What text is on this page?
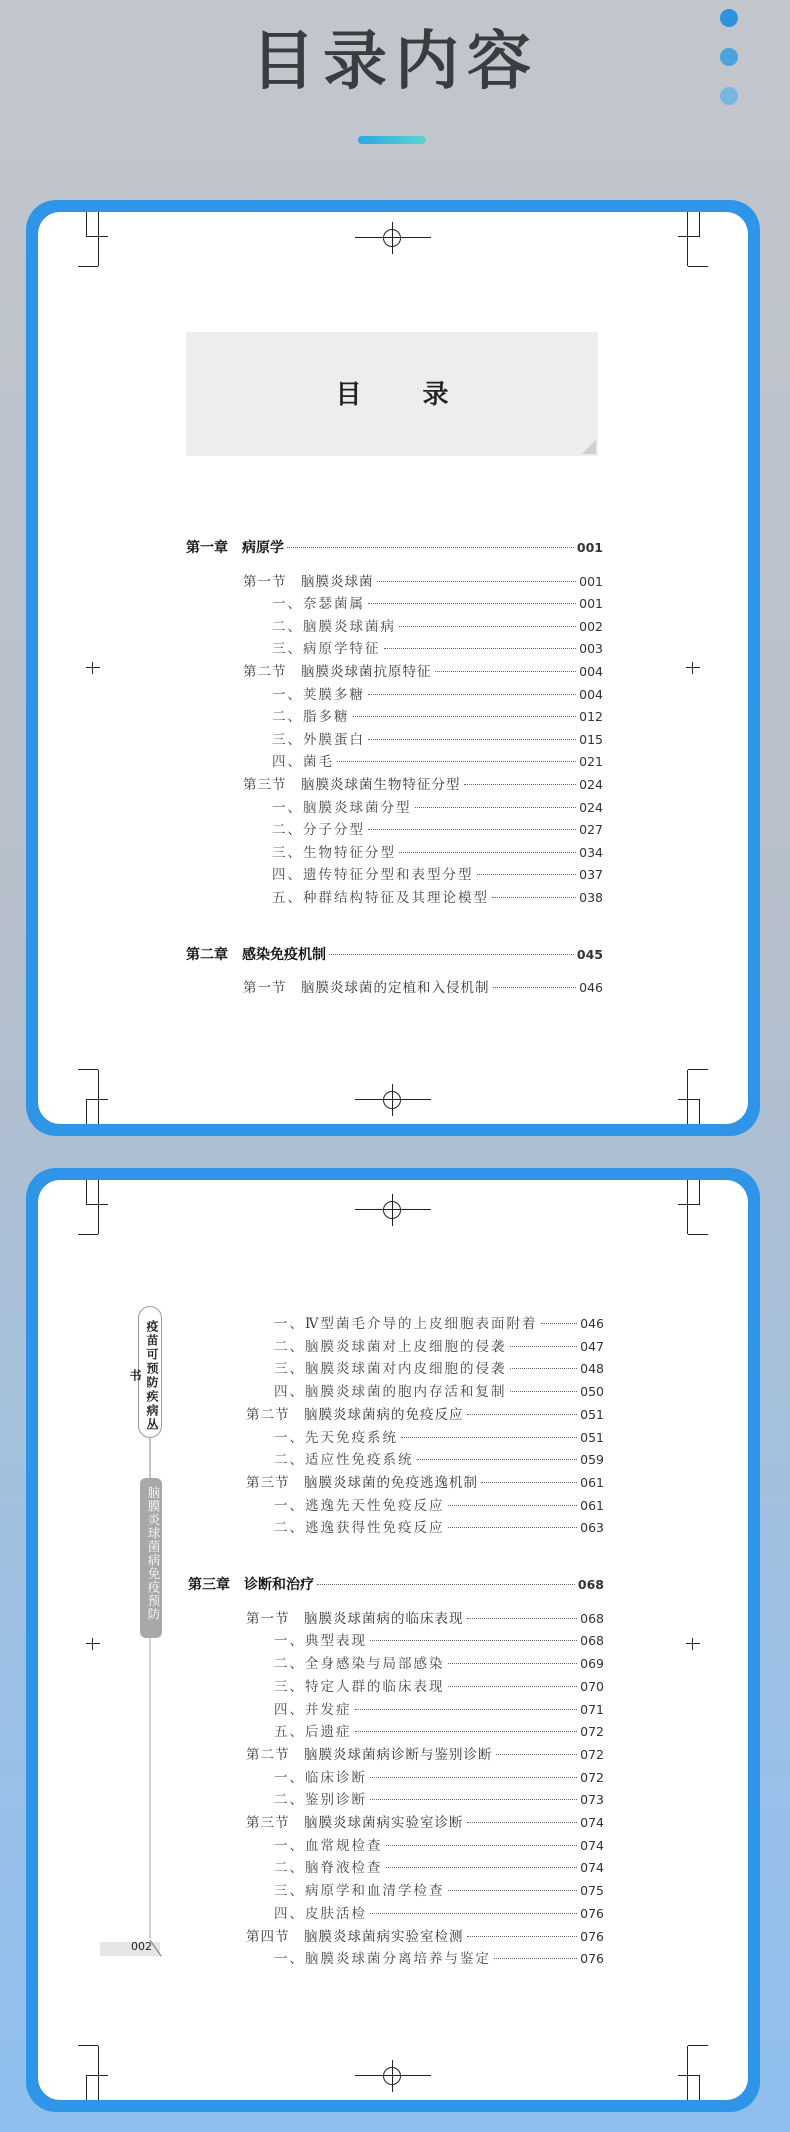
目录内容
目 录
第一章　病原学	001
第一节　脑膜炎球菌	001
一、奈瑟菌属	001
二、脑膜炎球菌病	002
三、病原学特征	003
第二节　脑膜炎球菌抗原特征	004
一、荚膜多糖	004
二、脂多糖	012
三、外膜蛋白	015
四、菌毛	021
第三节　脑膜炎球菌生物特征分型	024
一、脑膜炎球菌分型	024
二、分子分型	027
三、生物特征分型	034
四、遗传特征分型和表型分型	037
五、种群结构特征及其理论模型	038
第二章　感染免疫机制	045
第一节　脑膜炎球菌的定植和入侵机制	046
疫苗可预防疾病丛书
脑膜炎球菌病免疫预防
002
一、Ⅳ型菌毛介导的上皮细胞表面附着	046
二、脑膜炎球菌对上皮细胞的侵袭	047
三、脑膜炎球菌对内皮细胞的侵袭	048
四、脑膜炎球菌的胞内存活和复制	050
第二节　脑膜炎球菌病的免疫反应	051
一、先天免疫系统	051
二、适应性免疫系统	059
第三节　脑膜炎球菌的免疫逃逸机制	061
一、逃逸先天性免疫反应	061
二、逃逸获得性免疫反应	063
第三章　诊断和治疗	068
第一节　脑膜炎球菌病的临床表现	068
一、典型表现	068
二、全身感染与局部感染	069
三、特定人群的临床表现	070
四、并发症	071
五、后遗症	072
第二节　脑膜炎球菌病诊断与鉴别诊断	072
一、临床诊断	072
二、鉴别诊断	073
第三节　脑膜炎球菌病实验室诊断	074
一、血常规检查	074
二、脑脊液检查	074
三、病原学和血清学检查	075
四、皮肤活检	076
第四节　脑膜炎球菌病实验室检测	076
一、脑膜炎球菌分离培养与鉴定	076
